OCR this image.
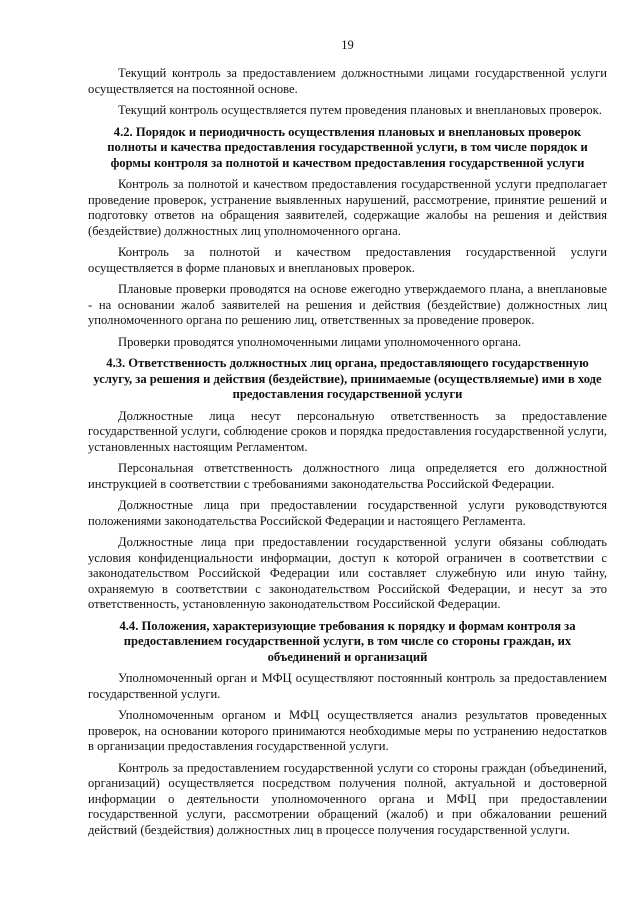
19

Текущий контроль за предоставлением должностными лицами государственной услуги осуществляется на постоянной основе.

Текущий контроль осуществляется путем проведения плановых и внеплановых проверок.

4.2. Порядок и периодичность осуществления плановых и внеплановых проверок полноты и качества предоставления государственной услуги, в том числе порядок и формы контроля за полнотой и качеством предоставления государственной услуги

Контроль за полнотой и качеством предоставления государственной услуги предполагает проведение проверок, устранение выявленных нарушений, рассмотрение, принятие решений и подготовку ответов на обращения заявителей, содержащие жалобы на решения и действия (бездействие) должностных лиц уполномоченного органа.

Контроль за полнотой и качеством предоставления государственной услуги осуществляется в форме плановых и внеплановых проверок.

Плановые проверки проводятся на основе ежегодно утверждаемого плана, а внеплановые - на основании жалоб заявителей на решения и действия (бездействие) должностных лиц уполномоченного органа по решению лиц, ответственных за проведение проверок.

Проверки проводятся уполномоченными лицами уполномоченного органа.

4.3. Ответственность должностных лиц органа, предоставляющего государственную услугу, за решения и действия (бездействие), принимаемые (осуществляемые) ими в ходе предоставления государственной услуги

Должностные лица несут персональную ответственность за предоставление государственной услуги, соблюдение сроков и порядка предоставления государственной услуги, установленных настоящим Регламентом.

Персональная ответственность должностного лица определяется его должностной инструкцией в соответствии с требованиями законодательства Российской Федерации.

Должностные лица при предоставлении государственной услуги руководствуются положениями законодательства Российской Федерации и настоящего Регламента.

Должностные лица при предоставлении государственной услуги обязаны соблюдать условия конфиденциальности информации, доступ к которой ограничен в соответствии с законодательством Российской Федерации или составляет служебную или иную тайну, охраняемую в соответствии с законодательством Российской Федерации, и несут за это ответственность, установленную законодательством Российской Федерации.

4.4. Положения, характеризующие требования к порядку и формам контроля за предоставлением государственной услуги, в том числе со стороны граждан, их объединений и организаций

Уполномоченный орган и МФЦ осуществляют постоянный контроль за предоставлением государственной услуги.

Уполномоченным органом и МФЦ осуществляется анализ результатов проведенных проверок, на основании которого принимаются необходимые меры по устранению недостатков в организации предоставления государственной услуги.

Контроль за предоставлением государственной услуги со стороны граждан (объединений, организаций) осуществляется посредством получения полной, актуальной и достоверной информации о деятельности уполномоченного органа и МФЦ при предоставлении государственной услуги, рассмотрении обращений (жалоб) и при обжаловании решений действий (бездействия) должностных лиц в процессе получения государственной услуги.
